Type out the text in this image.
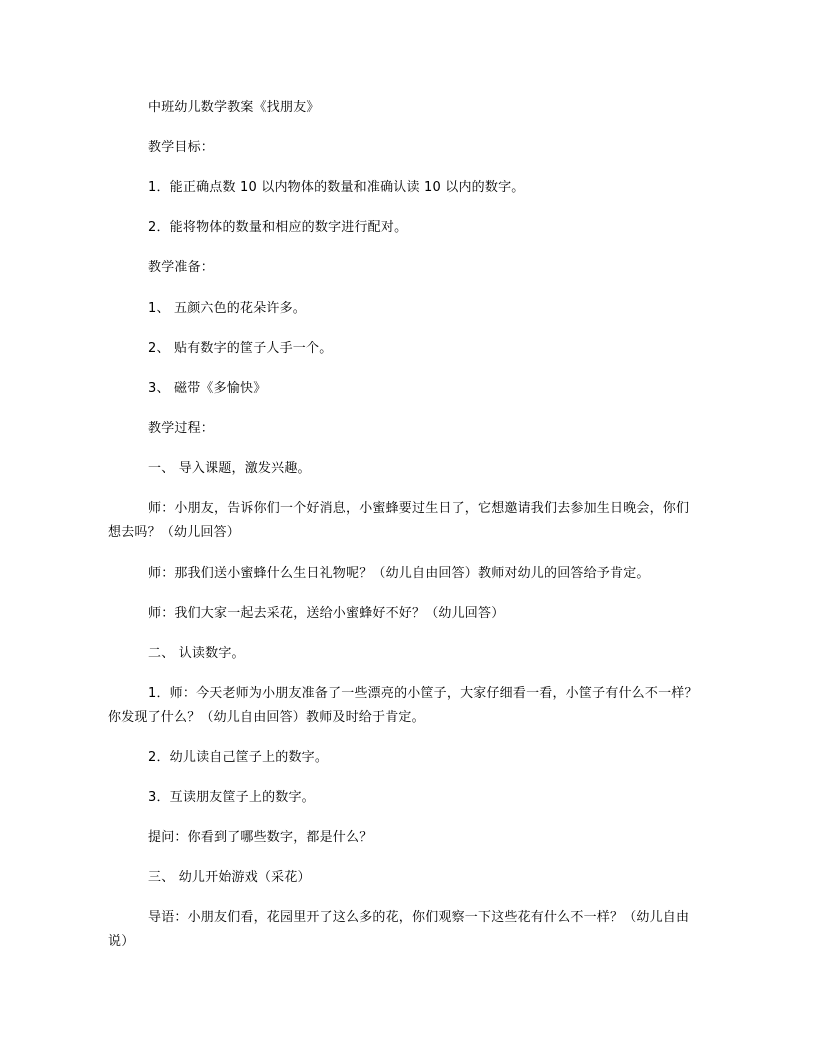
中班幼儿数学教案《找朋友》
教学目标：
1．能正确点数 10 以内物体的数量和准确认读 10 以内的数字。
2．能将物体的数量和相应的数字进行配对。
教学准备：
1、 五颜六色的花朵许多。
2、 贴有数字的筐子人手一个。
3、 磁带《多愉快》
教学过程：
一、 导入课题，激发兴趣。
师：小朋友，告诉你们一个好消息，小蜜蜂要过生日了，它想邀请我们去参加生日晚会，你们想去吗？（幼儿回答）
师：那我们送小蜜蜂什么生日礼物呢？（幼儿自由回答）教师对幼儿的回答给予肯定。
师：我们大家一起去采花，送给小蜜蜂好不好？（幼儿回答）
二、 认读数字。
1．师：今天老师为小朋友准备了一些漂亮的小筐子，大家仔细看一看，小筐子有什么不一样？你发现了什么？（幼儿自由回答）教师及时给于肯定。
2．幼儿读自己筐子上的数字。
3．互读朋友筐子上的数字。
提问：你看到了哪些数字，都是什么？
三、 幼儿开始游戏（采花）
导语：小朋友们看，花园里开了这么多的花，你们观察一下这些花有什么不一样？（幼儿自由说）
